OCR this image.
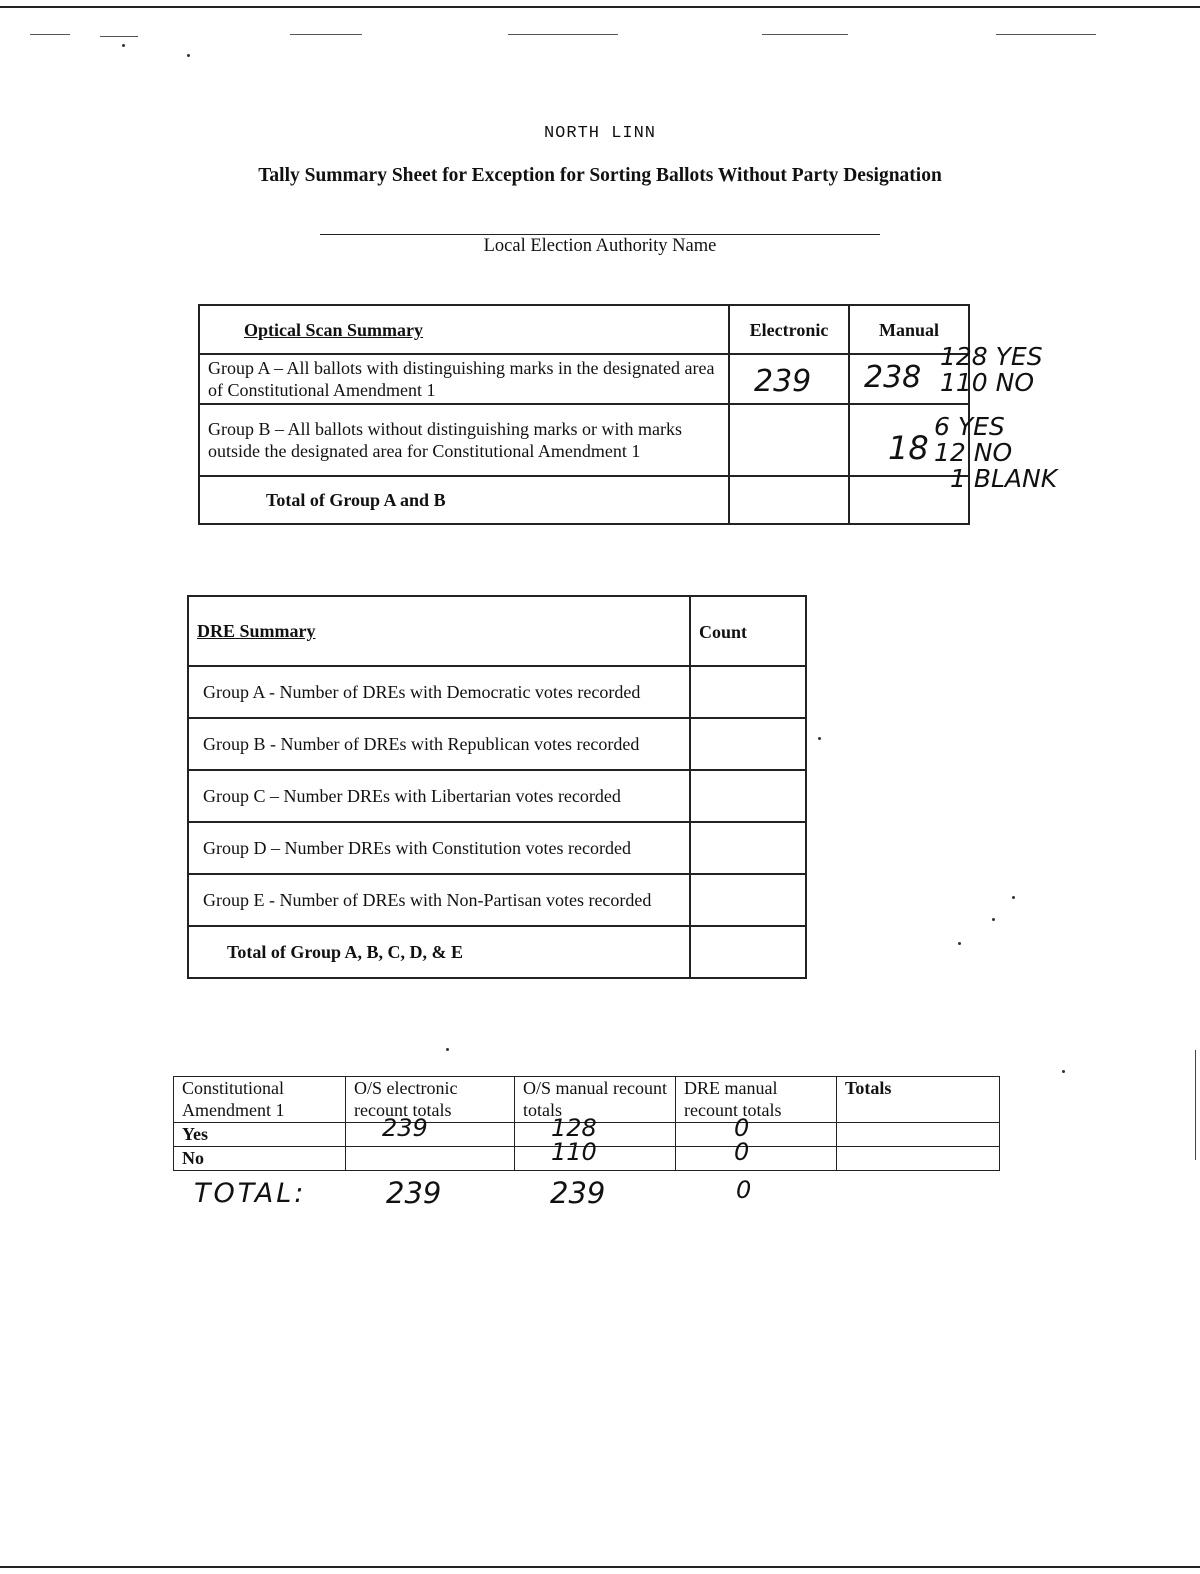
NORTH LINN
Tally Summary Sheet for Exception for Sorting Ballots Without Party Designation
Local Election Authority Name
Optical Scan Summary	Electronic	Manual
Group A – All ballots with distinguishing marks in the designated area of Constitutional Amendment 1	239	238

Group B – All ballots without distinguishing marks or with marks outside the designated area for Constitutional Amendment 1		18

Total of Group A and B		
128 YES
110 NO
6 YES
12 NO
1 BLANK
DRE Summary	Count
Group A - Number of DREs with Democratic votes recorded	
Group B - Number of DREs with Republican votes recorded	
Group C – Number DREs with Libertarian votes recorded	
Group D – Number DREs with Constitution votes recorded	
Group E - Number of DREs with Non-Partisan votes recorded	
Total of Group A, B, C, D, & E	
Constitutional Amendment 1	O/S electronic recount totals	O/S manual recount totals	DRE manual recount totals	Totals
Yes	239	128	0	

No		110	0	

TOTAL:	239	239	0
